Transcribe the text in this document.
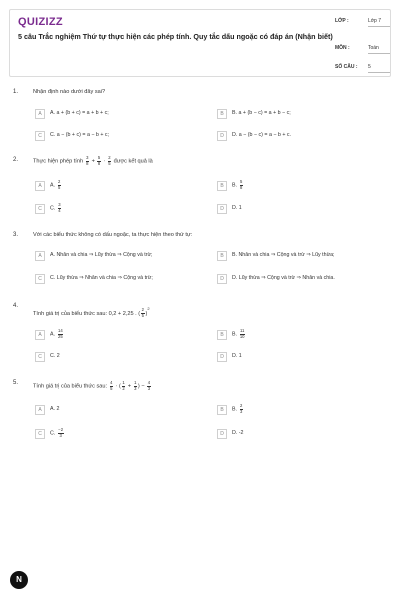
QUIZIZZ
5 câu Trắc nghiệm Thứ tự thực hiện các phép tính. Quy tắc dấu ngoặc có đáp án (Nhận biết)
LỚP :	Lớp 7
MÔN :	Toán
SỐ CÂU : 5
1.	Nhận định nào dưới đây sai?
A	A. a + (b + c) = a + b + c;	B	B. a + (b − c) = a + b − c;
C	C. a − (b + c) = a − b + c;	D	D. a − (b − c) = a − b + c.
2.	Thực hiện phép tính $\frac{3}{8} + \frac{5}{8} \cdot \frac{2}{5}$ được kết quả là
A	A. $\frac{2}{5}$	B	B. $\frac{5}{8}$
C	C. $\frac{3}{4}$	D	D. 1
3.	Với các biểu thức không có dấu ngoặc, ta thực hiện theo thứ tự:
A	A. Nhân và chia ⇒ Lũy thừa ⇒ Cộng và trừ;	B	B. Nhân và chia ⇒ Cộng và trừ ⇒ Lũy thừa;
C	C. Lũy thừa ⇒ Nhân và chia ⇒ Cộng và trừ;	D	D. Lũy thừa ⇒ Cộng và trừ ⇒ Nhân và chia.
4.
Tính giá trị của biểu thức sau: 0,2 + 2,25 . ( $\frac{2}{5} )^2$
A	A. $\frac{14}{25}$	B	B. $\frac{11}{10}$
C	C. 2	D	D. 1
5.
Tính giá trị của biểu thức sau: $\frac{4}{5}$ · ( $\frac{1}{2} + \frac{1}{3}$ ) − $\frac{4}{3}$
A	A. 2	B	B. $\frac{2}{3}$
C	C. $\frac{-2}{3}$	D	D. -2
N
